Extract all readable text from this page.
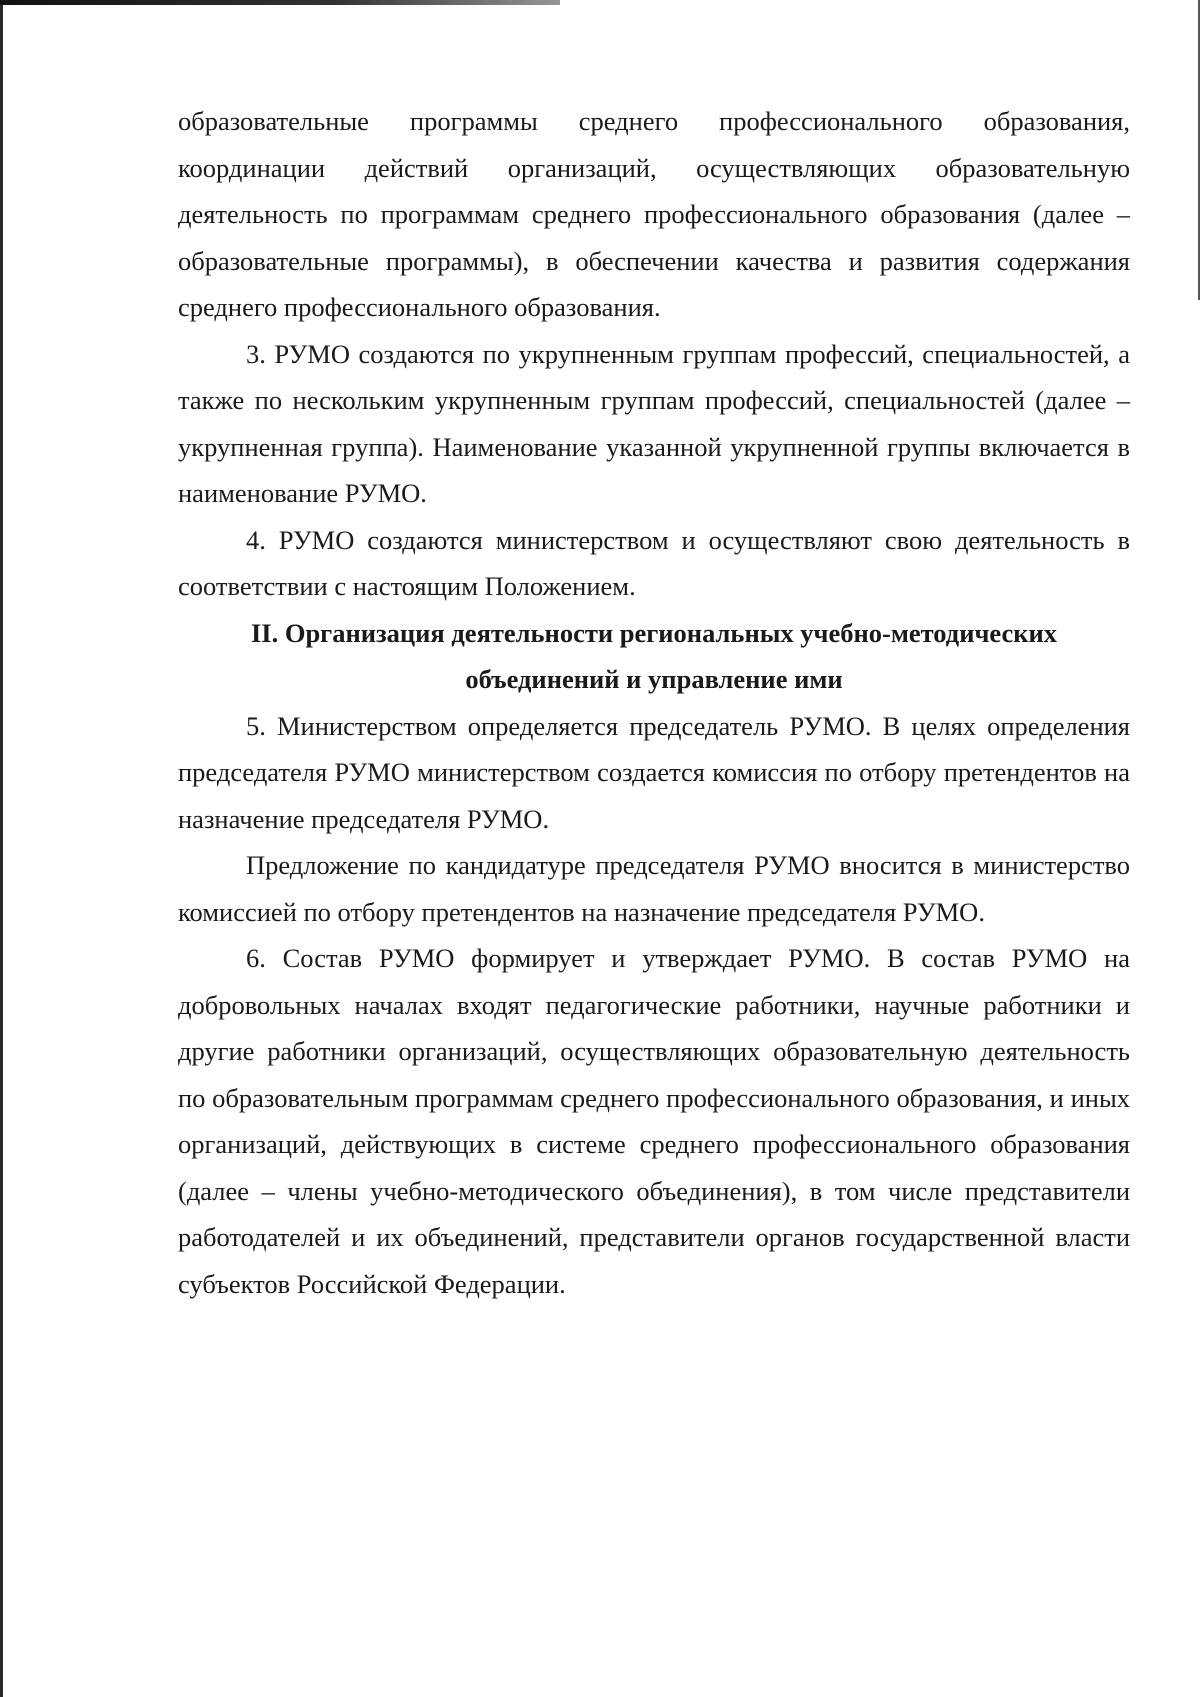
образовательные программы среднего профессионального образования, координации действий организаций, осуществляющих образовательную деятельность по программам среднего профессионального образования (далее – образовательные программы), в обеспечении качества и развития содержания среднего профессионального образования.

3. РУМО создаются по укрупненным группам профессий, специальностей, а также по нескольким укрупненным группам профессий, специальностей (далее – укрупненная группа). Наименование указанной укрупненной группы включается в наименование РУМО.

4. РУМО создаются министерством и осуществляют свою деятельность в соответствии с настоящим Положением.

II. Организация деятельности региональных учебно-методических

объединений и управление ими

5. Министерством определяется председатель РУМО. В целях определения председателя РУМО министерством создается комиссия по отбору претендентов на назначение председателя РУМО.

Предложение по кандидатуре председателя РУМО вносится в министерство комиссией по отбору претендентов на назначение председателя РУМО.

6. Состав РУМО формирует и утверждает РУМО. В состав РУМО на добровольных началах входят педагогические работники, научные работники и другие работники организаций, осуществляющих образовательную деятельность по образовательным программам среднего профессионального образования, и иных организаций, действующих в системе среднего профессионального образования (далее – члены учебно-методического объединения), в том числе представители работодателей и их объединений, представители органов государственной власти субъектов Российской Федерации.
